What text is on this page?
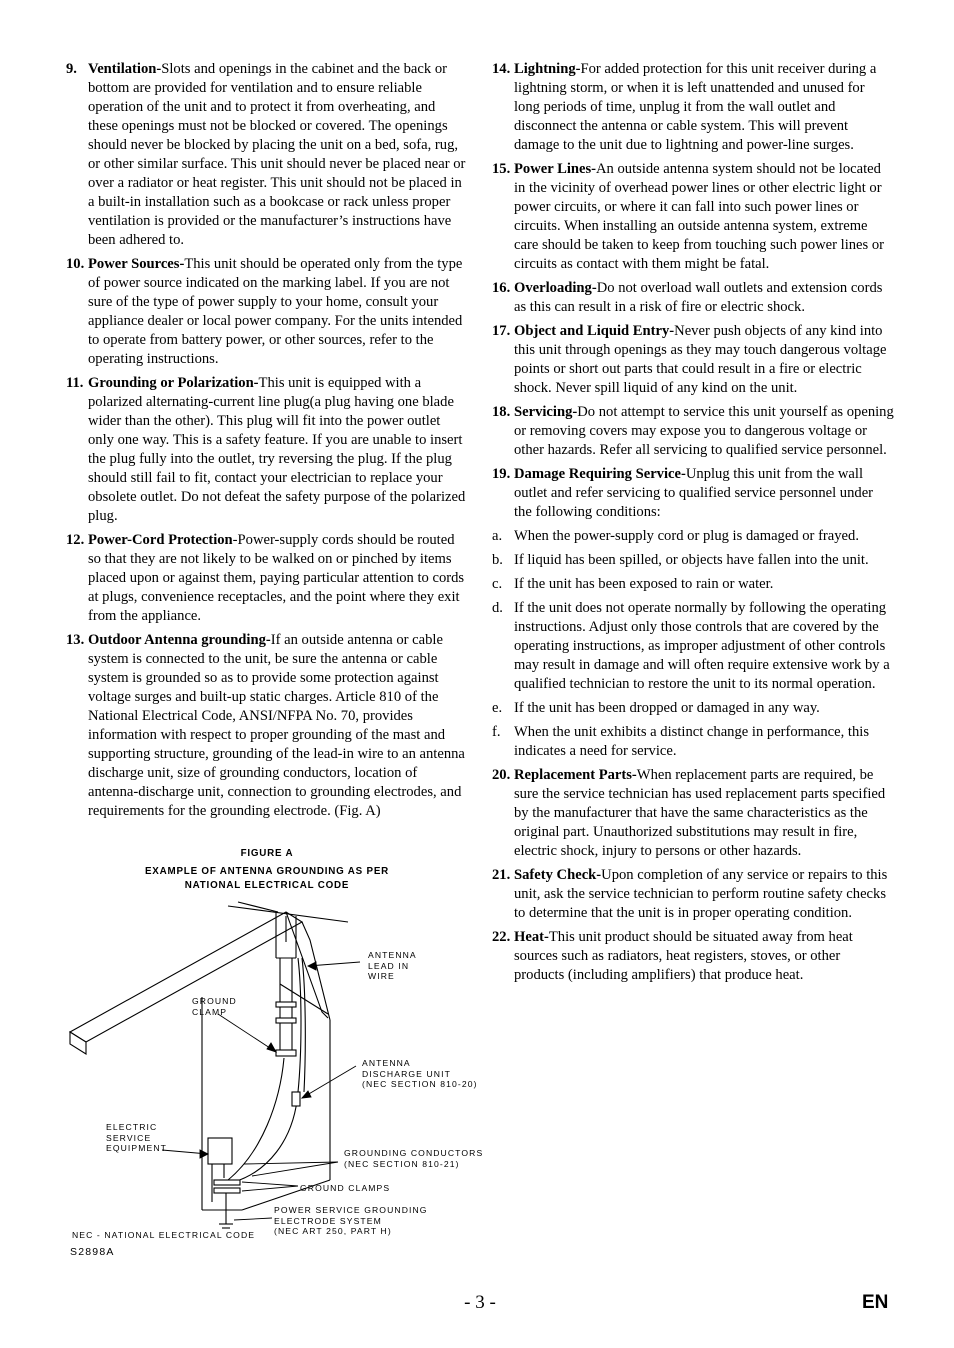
9. Ventilation-Slots and openings in the cabinet and the back or bottom are provided for ventilation and to ensure reliable operation of the unit and to protect it from overheating, and these openings must not be blocked or covered. The openings should never be blocked by placing the unit on a bed, sofa, rug, or other similar surface. This unit should never be placed near or over a radiator or heat register. This unit should not be placed in a built-in installation such as a bookcase or rack unless proper ventilation is provided or the manufacturer’s instructions have been adhered to.
10. Power Sources-This unit should be operated only from the type of power source indicated on the marking label. If you are not sure of the type of power supply to your home, consult your appliance dealer or local power company. For the units intended to operate from battery power, or other sources, refer to the operating instructions.
11. Grounding or Polarization-This unit is equipped with a polarized alternating-current line plug(a plug having one blade wider than the other). This plug will fit into the power outlet only one way. This is a safety feature. If you are unable to insert the plug fully into the outlet, try reversing the plug. If the plug should still fail to fit, contact your electrician to replace your obsolete outlet. Do not defeat the safety purpose of the polarized plug.
12. Power-Cord Protection-Power-supply cords should be routed so that they are not likely to be walked on or pinched by items placed upon or against them, paying particular attention to cords at plugs, convenience receptacles, and the point where they exit from the appliance.
13. Outdoor Antenna grounding-If an outside antenna or cable system is connected to the unit, be sure the antenna or cable system is grounded so as to provide some protection against voltage surges and built-up static charges. Article 810 of the National Electrical Code, ANSI/NFPA No. 70, provides information with respect to proper grounding of the mast and supporting structure, grounding of the lead-in wire to an antenna discharge unit, size of grounding conductors, location of antenna-discharge unit, connection to grounding electrodes, and requirements for the grounding electrode. (Fig. A)
14. Lightning-For added protection for this unit receiver during a lightning storm, or when it is left unattended and unused for long periods of time, unplug it from the wall outlet and disconnect the antenna or cable system. This will prevent damage to the unit due to lightning and power-line surges.
15. Power Lines-An outside antenna system should not be located in the vicinity of overhead power lines or other electric light or power circuits, or where it can fall into such power lines or circuits. When installing an outside antenna system, extreme care should be taken to keep from touching such power lines or circuits as contact with them might be fatal.
16. Overloading-Do not overload wall outlets and extension cords as this can result in a risk of fire or electric shock.
17. Object and Liquid Entry-Never push objects of any kind into this unit through openings as they may touch dangerous voltage points or short out parts that could result in a fire or electric shock. Never spill liquid of any kind on the unit.
18. Servicing-Do not attempt to service this unit yourself as opening or removing covers may expose you to dangerous voltage or other hazards. Refer all servicing to qualified service personnel.
19. Damage Requiring Service-Unplug this unit from the wall outlet and refer servicing to qualified service personnel under the following conditions:
a. When the power-supply cord or plug is damaged or frayed.
b. If liquid has been spilled, or objects have fallen into the unit.
c. If the unit has been exposed to rain or water.
d. If the unit does not operate normally by following the operating instructions. Adjust only those controls that are covered by the operating instructions, as improper adjustment of other controls may result in damage and will often require extensive work by a qualified technician to restore the unit to its normal operation.
e. If the unit has been dropped or damaged in any way.
f. When the unit exhibits a distinct change in performance, this indicates a need for service.
20. Replacement Parts-When replacement parts are required, be sure the service technician has used replacement parts specified by the manufacturer that have the same characteristics as the original part. Unauthorized substitutions may result in fire, electric shock, injury to persons or other hazards.
21. Safety Check-Upon completion of any service or repairs to this unit, ask the service technician to perform routine safety checks to determine that the unit is in proper operating condition.
22. Heat-This unit product should be situated away from heat sources such as radiators, heat registers, stoves, or other products (including amplifiers) that produce heat.
FIGURE A
EXAMPLE OF ANTENNA GROUNDING AS PER
NATIONAL ELECTRICAL CODE
ANTENNA
LEAD IN
WIRE
GROUND
CLAMP
ANTENNA
DISCHARGE UNIT
(NEC SECTION 810-20)
ELECTRIC
SERVICE
EQUIPMENT	GROUNDING CONDUCTORS
(NEC SECTION 810-21)
GROUND CLAMPS
POWER SERVICE GROUNDING
ELECTRODE SYSTEM
(NEC ART 250, PART H)
NEC - NATIONAL ELECTRICAL CODE
S2898A
- 3 -	EN
